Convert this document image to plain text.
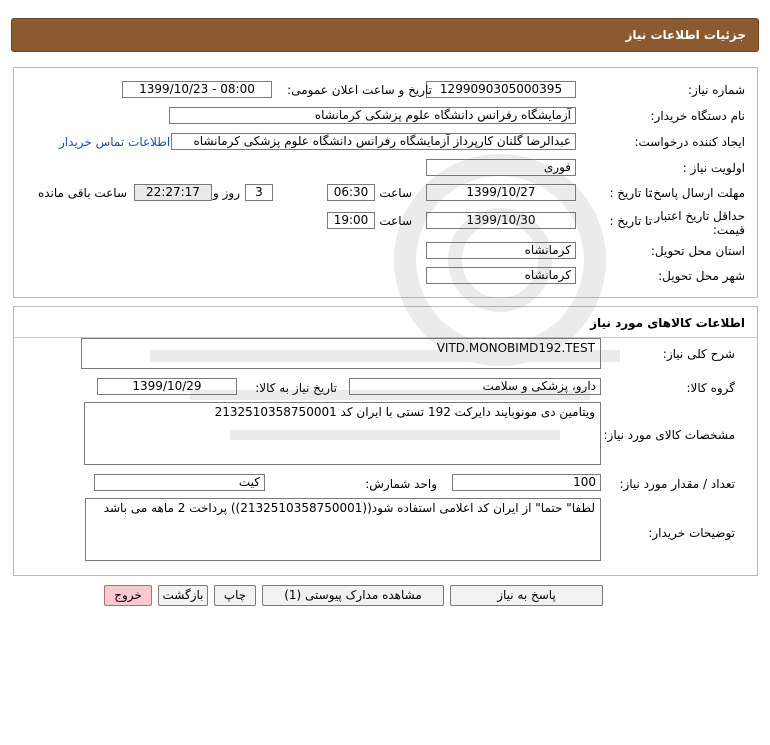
جزئیات اطلاعات نیاز
شماره نیاز:
1299090305000395
تاریخ و ساعت اعلان عمومی:
1399/10/23 - 08:00
نام دستگاه خریدار:
آزمایشگاه رفرانس دانشگاه علوم پزشکی کرمانشاه
ایجاد کننده درخواست:
عبدالرضا گلنان کارپرداز آزمایشگاه رفرانس دانشگاه علوم پزشکی کرمانشاه
اطلاعات تماس خریدار
اولویت نیاز :
فوری
مهلت ارسال پاسخ:
تا تاریخ :
1399/10/27
ساعت
06:30
3
روز و
22:27:17
ساعت باقی مانده
حداقل تاریخ اعتبار قیمت:
تا تاریخ :
1399/10/30
ساعت
19:00
استان محل تحویل:
کرمانشاه
شهر محل تحویل:
کرمانشاه
اطلاعات کالاهای مورد نیاز
شرح کلی نیاز:
VITD.MONOBIMD192.TEST
گروه کالا:
دارو، پزشکی و سلامت
تاریخ نیاز به کالا:
1399/10/29
مشخصات کالای مورد نیاز:
ویتامین دی مونوبایند دایرکت 192 تستی با ایران کد 2132510358750001
تعداد / مقدار مورد نیاز:
100
واحد شمارش:
کیت
توضیحات خریدار:
لطفا" حتما" از ایران کد اعلامی استفاده شود((2132510358750001)) پرداخت 2 ماهه می باشد
پاسخ به نیاز
مشاهده مدارک پیوستی (1)
چاپ
بازگشت
خروج
